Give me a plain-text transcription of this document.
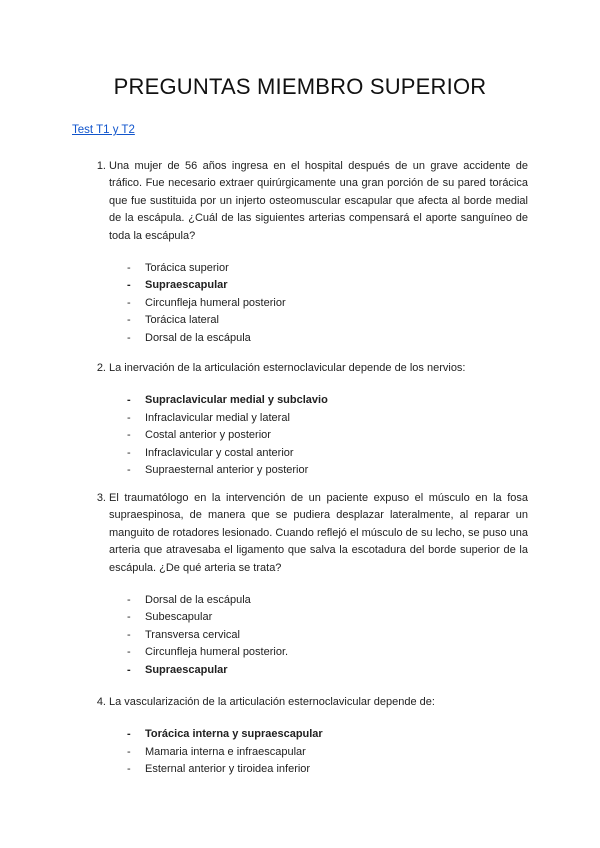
PREGUNTAS MIEMBRO SUPERIOR
Test T1 y T2
1. Una mujer de 56 años ingresa en el hospital después de un grave accidente de tráfico. Fue necesario extraer quirúrgicamente una gran porción de su pared torácica que fue sustituida por un injerto osteomuscular escapular que afecta al borde medial de la escápula. ¿Cuál de las siguientes arterias compensará el aporte sanguíneo de toda la escápula?
- Torácica superior
- Supraescapular
- Circunfleja humeral posterior
- Torácica lateral
- Dorsal de la escápula
2. La inervación de la articulación esternoclavicular depende de los nervios:
- Supraclavicular medial y subclavio
- Infraclavicular medial y lateral
- Costal anterior y posterior
- Infraclavicular y costal anterior
- Supraesternal anterior y posterior
3. El traumatólogo en la intervención de un paciente expuso el músculo en la fosa supraespinosa, de manera que se pudiera desplazar lateralmente, al reparar un manguito de rotadores lesionado. Cuando reflejó el músculo de su lecho, se puso una arteria que atravesaba el ligamento que salva la escotadura del borde superior de la escápula. ¿De qué arteria se trata?
- Dorsal de la escápula
- Subescapular
- Transversa cervical
- Circunfleja humeral posterior.
- Supraescapular
4. La vascularización de la articulación esternoclavicular depende de:
- Torácica interna y supraescapular
- Mamaria interna e infraescapular
- Esternal anterior y tiroidea inferior
